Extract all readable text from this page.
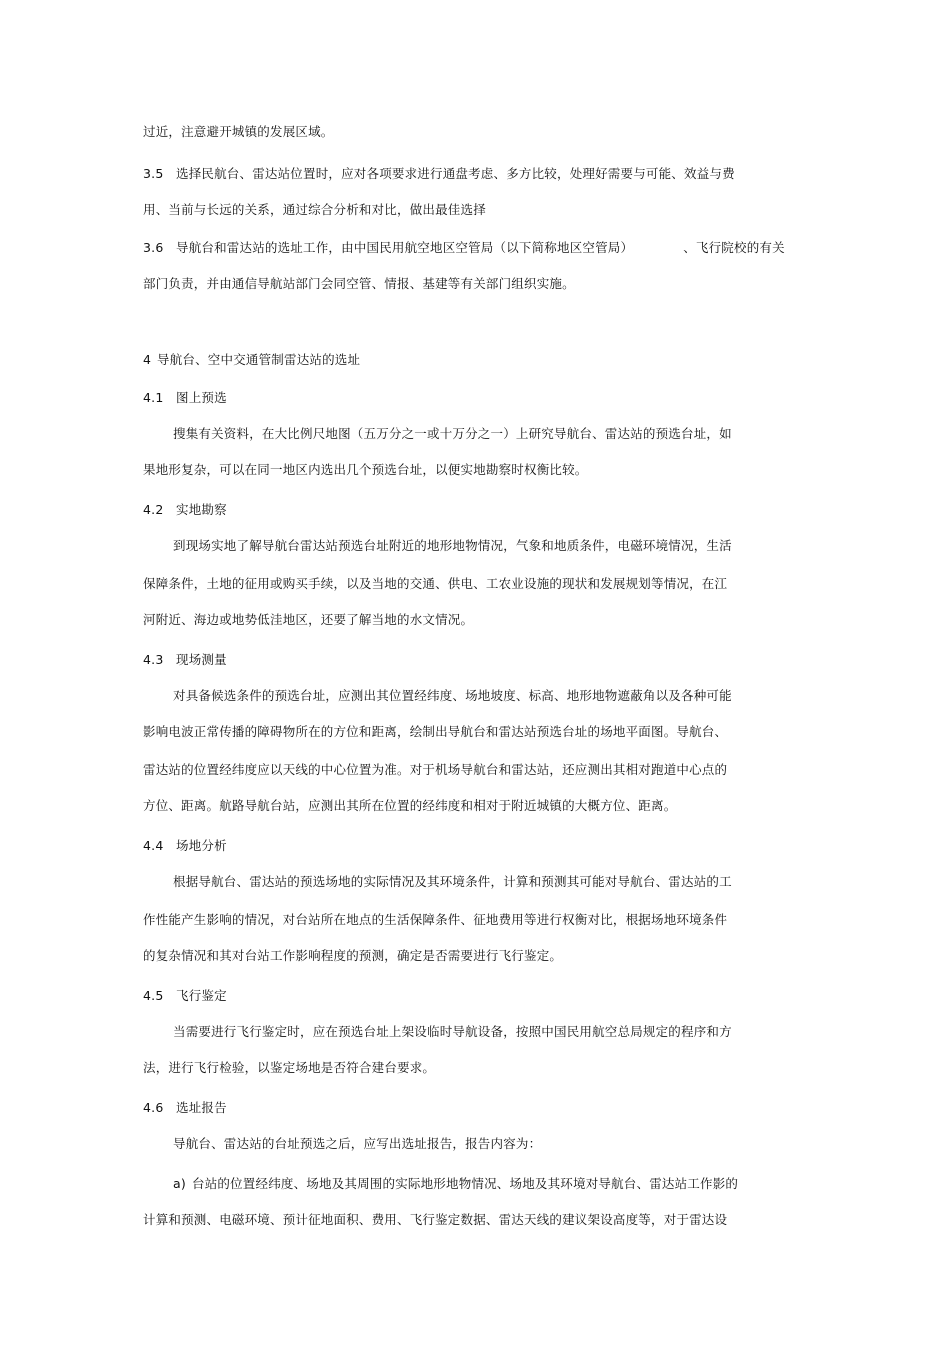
过近，注意避开城镇的发展区域。
3.5 选择民航台、雷达站位置时，应对各项要求进行通盘考虑、多方比较，处理好需要与可能、效益与费
用、当前与长远的关系，通过综合分析和对比，做出最佳选择
3.6 导航台和雷达站的选址工作，由中国民用航空地区空管局（以下简称地区空管局）	、飞行院校的有关
部门负责，并由通信导航站部门会同空管、情报、基建等有关部门组织实施。
4 导航台、空中交通管制雷达站的选址
4.1 图上预选
搜集有关资料，在大比例尺地图（五万分之一或十万分之一）上研究导航台、雷达站的预选台址，如
果地形复杂，可以在同一地区内选出几个预选台址，以便实地勘察时权衡比较。
4.2 实地勘察
到现场实地了解导航台雷达站预选台址附近的地形地物情况，气象和地质条件，电磁环境情况，生活
保障条件，土地的征用或购买手续，以及当地的交通、供电、工农业设施的现状和发展规划等情况，在江
河附近、海边或地势低洼地区，还要了解当地的水文情况。
4.3 现场测量
对具备候选条件的预选台址，应测出其位置经纬度、场地坡度、标高、地形地物遮蔽角以及各种可能
影响电波正常传播的障碍物所在的方位和距离，绘制出导航台和雷达站预选台址的场地平面图。导航台、
雷达站的位置经纬度应以天线的中心位置为准。对于机场导航台和雷达站，还应测出其相对跑道中心点的
方位、距离。航路导航台站，应测出其所在位置的经纬度和相对于附近城镇的大概方位、距离。
4.4 场地分析
根据导航台、雷达站的预选场地的实际情况及其环境条件，计算和预测其可能对导航台、雷达站的工
作性能产生影响的情况，对台站所在地点的生活保障条件、征地费用等进行权衡对比，根据场地环境条件
的复杂情况和其对台站工作影响程度的预测，确定是否需要进行飞行鉴定。
4.5 飞行鉴定
当需要进行飞行鉴定时，应在预选台址上架设临时导航设备，按照中国民用航空总局规定的程序和方
法，进行飞行检验，以鉴定场地是否符合建台要求。
4.6 选址报告
导航台、雷达站的台址预选之后，应写出选址报告，报告内容为：
a) 台站的位置经纬度、场地及其周围的实际地形地物情况、场地及其环境对导航台、雷达站工作影的
计算和预测、电磁环境、预计征地面积、费用、飞行鉴定数据、雷达天线的建议架设高度等，对于雷达设
